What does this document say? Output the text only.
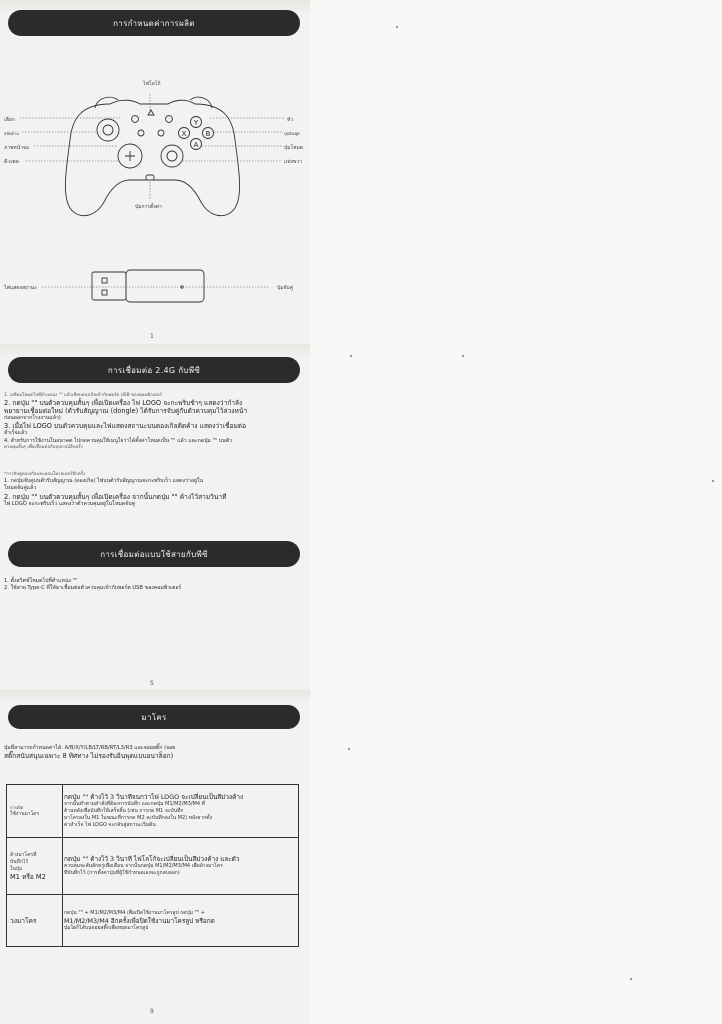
การกำหนดค่าการผลิต
Y
B
A
X
ไฟโลโก้
เลือก
สลับด้าม
ภาพหน้าจอ
ดี-แพด
หัว
ปุ่มอินพุต
ปุ่มโหมด
แท่งขวา
ปุ่มการตั้งค่า
ไฟแสดงสถานะ	ปุ่มจับคู่
1
การเชื่อมต่อ 2.4G กับพีซี

1. เปลี่ยนโหมดไปที่ตำแหน่ง "" แล้วเสียบดองเกิลเข้ากับพอร์ต USB ของคอมพิวเตอร์

2. กดปุ่ม "" บนตัวควบคุมสั้นๆ เพื่อเปิดเครื่อง ไฟ LOGO จะกะพริบช้าๆ แสดงว่ากำลัง

พยายามเชื่อมต่อใหม่ (ตัวรับสัญญาณ (dongle) ได้รับการจับคู่กับตัวควบคุมไว้ล่วงหน้า

ก่อนออกจากโรงงานแล้ว)

3. เมื่อไฟ LOGO บนตัวควบคุมและไฟแสดงสถานะบนดองเกิลติดค้าง แสดงว่าเชื่อมต่อ

สำเร็จแล้ว

4. สำหรับการใช้งานในอนาคต ไปกดควบคุมให้เมนูใจว่าได้ตั้งค่าโหมดเป็น "" แล้ว และกดปุ่ม "" บนตัว

ควบคุมสั้นๆ เพื่อเชื่อมต่อกับอุปกรณ์อีกครั้ง

*การจับคู่ดองเกิลและคอนโทรลเลอร์อีกครั้ง

1. กดปุ่มจับคู่บนตัวรับสัญญาณ (ดองเกิล) ไฟบนตัวรับสัญญาณจะกะพริบเร็ว แสดงว่าอยู่ใน

โหมดจับคู่แล้ว

2. กดปุ่ม "" บนตัวควบคุมสั้นๆ เพื่อเปิดเครื่อง จากนั้นกดปุ่ม "" ค้างไว้สามวินาที

ไฟ LOGO จะกะพริบเร็ว แสดงว่าตัวควบคุมอยู่ในโหมดจับคู่

การเชื่อมต่อแบบใช้สายกับพีซี

1. ตั้งสวิตช์โหมดไปที่ตำแหน่ง ""

2. ใช้สาย Type-C ที่ให้มาเชื่อมต่อตัวควบคุมเข้ากับพอร์ต USB ของคอมพิวเตอร์

5
มาโคร

ปุ่มที่สามารถกำหนดค่าได้: A/B/X/Y/LB/LT/RB/RT/L3/R3 และจอยสติ๊ก (จอย

สติ๊กสนับสนุนเฉพาะ 8 ทิศทาง ไม่รองรับอินพุตแบบอนาล็อก)

การเปิด
ใช้งานมาโคร
กดปุ่ม "" ค้างไว้ 3 วินาทีจนกว่าไฟ LOGO จะเปลี่ยนเป็นสีม่วงค้าง
จากนั้นทำตามคำสั่งที่ต้องการบันทึก และกดปุ่ม M1/M2/M3/M4 ที่
ด้านหลังเพื่อบันทึกให้เสร็จสิ้น (เช่น การกด M1 จะบันทึก
มาโครลงใน M1 ในขณะที่การกด M2 จะบันทึกลงใน M2) หลังจากตั้ง
ค่าสำเร็จ ไฟ LOGO จะกลับสู่สถานะเริ่มต้น
ล้างมาโครที่
บันทึกไว้
ในปุ่ม
M1 หรือ M2
กดปุ่ม "" ค้างไว้ 3 วินาที ไฟโลโก้จะเปลี่ยนเป็นสีม่วงค้าง และตัว
ควบคุมจะสั่นสักครู่เพื่อเตือน จากนั้นกดปุ่ม M1/M2/M3/M4 เพื่อล้างมาโคร
ที่บันทึกไว้ (การตั้งค่าปุ่มที่ผู้ใช้กำหนดเองจะถูกลบออก)
วงมาโคร
กดปุ่ม "" + M1/M2/M3/M4 เพื่อเปิดใช้งานมาโครลูป กดปุ่ม "" +
M1/M2/M3/M4 อีกครั้งเพื่อปิดใช้งานมาโครลูป หรือกด
ปุ่มใดก็ได้บนจอยสติ๊กเพื่อหยุดมาโครลูป
9
